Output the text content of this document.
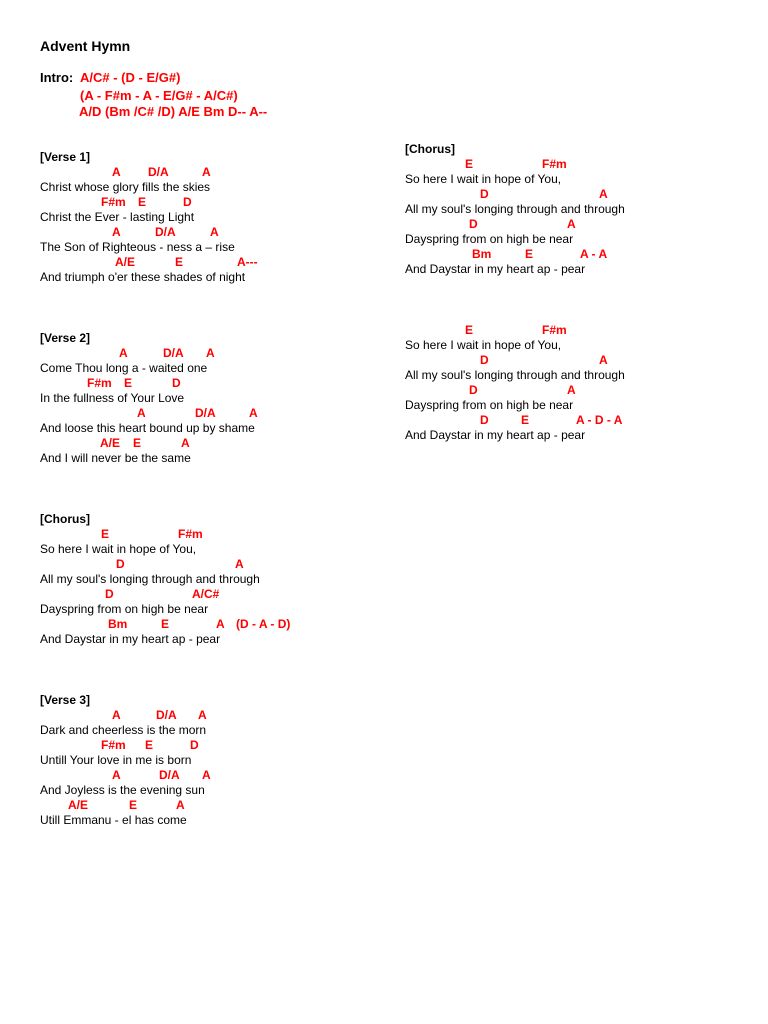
Advent Hymn
Intro: A/C# - (D - E/G#)
(A - F#m - A - E/G# - A/C#)
A/D (Bm /C# /D) A/E Bm D-- A--
[Verse 1]
A D/A	A
Christ whose glory fills the skies
F#m E	D
Christ the Ever - lasting Light
A	D/A	A
The Son of Righteous - ness a – rise
A/E	E	A---
And triumph o'er these shades of night
[Verse 2]
A	D/A A
Come Thou long a - waited one
F#m E	D
In the fullness of Your Love
A	D/A	A
And loose this heart bound up by shame
A/E E	A
And I will never be the same
[Chorus]
E	F#m
So here I wait in hope of You,
D	A
All my soul's longing through and through
D	A/C#
Dayspring from on high be near
Bm	E	A (D - A - D)
And Daystar in my heart ap - pear
[Verse 3]
A	D/A A
Dark and cheerless is the morn
F#m E	D
Untill Your love in me is born
A	D/A A
And Joyless is the evening sun
A/E	E	A
Utill Emmanu - el has come
[Chorus]
E	F#m
So here I wait in hope of You,
D	A
All my soul's longing through and through
D	A
Dayspring from on high be near
Bm	E	A - A
And Daystar in my heart ap - pear
E	F#m
So here I wait in hope of You,
D	A
All my soul's longing through and through
D	A
Dayspring from on high be near
D	E	A - D - A
And Daystar in my heart ap - pear
